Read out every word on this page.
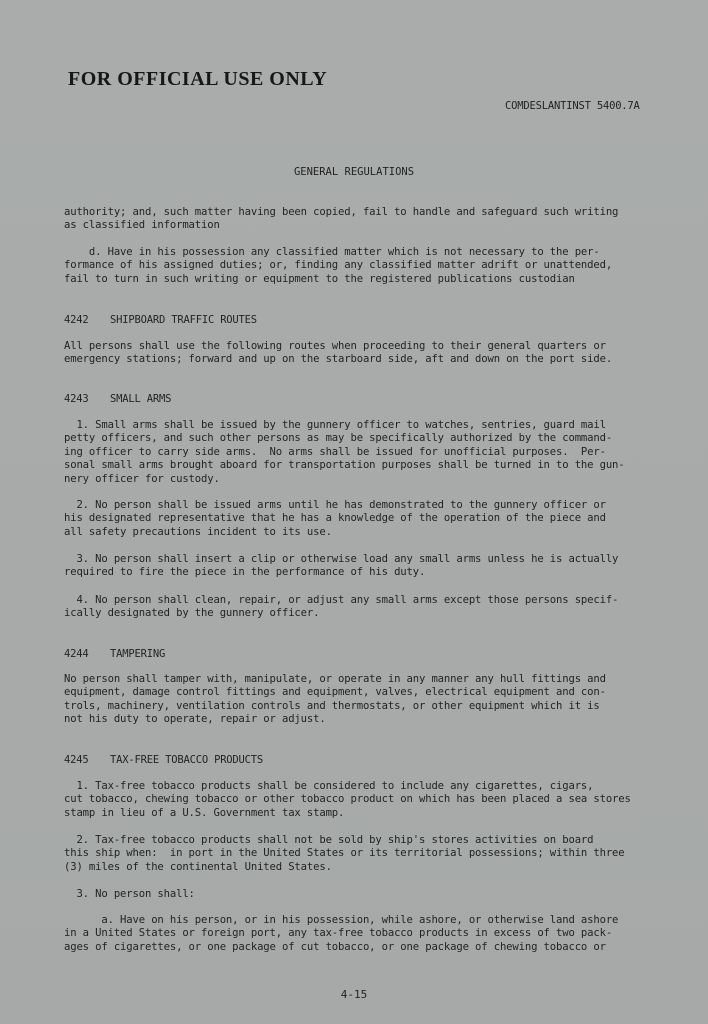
FOR OFFICIAL USE ONLY
COMDESLANTINST 5400.7A
GENERAL REGULATIONS
authority; and, such matter having been copied, fail to handle and safeguard such writing
as classified information
d. Have in his possession any classified matter which is not necessary to the per-
formance of his assigned duties; or, finding any classified matter adrift or unattended,
fail to turn in such writing or equipment to the registered publications custodian
4242 SHIPBOARD TRAFFIC ROUTES
All persons shall use the following routes when proceeding to their general quarters or
emergency stations; forward and up on the starboard side, aft and down on the port side.
4243 SMALL ARMS
1. Small arms shall be issued by the gunnery officer to watches, sentries, guard mail
petty officers, and such other persons as may be specifically authorized by the command-
ing officer to carry side arms.  No arms shall be issued for unofficial purposes.  Per-
sonal small arms brought aboard for transportation purposes shall be turned in to the gun-
nery officer for custody.
2. No person shall be issued arms until he has demonstrated to the gunnery officer or
his designated representative that he has a knowledge of the operation of the piece and
all safety precautions incident to its use.
3. No person shall insert a clip or otherwise load any small arms unless he is actually
required to fire the piece in the performance of his duty.
4. No person shall clean, repair, or adjust any small arms except those persons specif-
ically designated by the gunnery officer.
4244 TAMPERING
No person shall tamper with, manipulate, or operate in any manner any hull fittings and
equipment, damage control fittings and equipment, valves, electrical equipment and con-
trols, machinery, ventilation controls and thermostats, or other equipment which it is
not his duty to operate, repair or adjust.
4245 TAX-FREE TOBACCO PRODUCTS
1. Tax-free tobacco products shall be considered to include any cigarettes, cigars,
cut tobacco, chewing tobacco or other tobacco product on which has been placed a sea stores
stamp in lieu of a U.S. Government tax stamp.
2. Tax-free tobacco products shall not be sold by ship's stores activities on board
this ship when:  in port in the United States or its territorial possessions; within three
(3) miles of the continental United States.
3. No person shall:
a. Have on his person, or in his possession, while ashore, or otherwise land ashore
in a United States or foreign port, any tax-free tobacco products in excess of two pack-
ages of cigarettes, or one package of cut tobacco, or one package of chewing tobacco or
4-15
